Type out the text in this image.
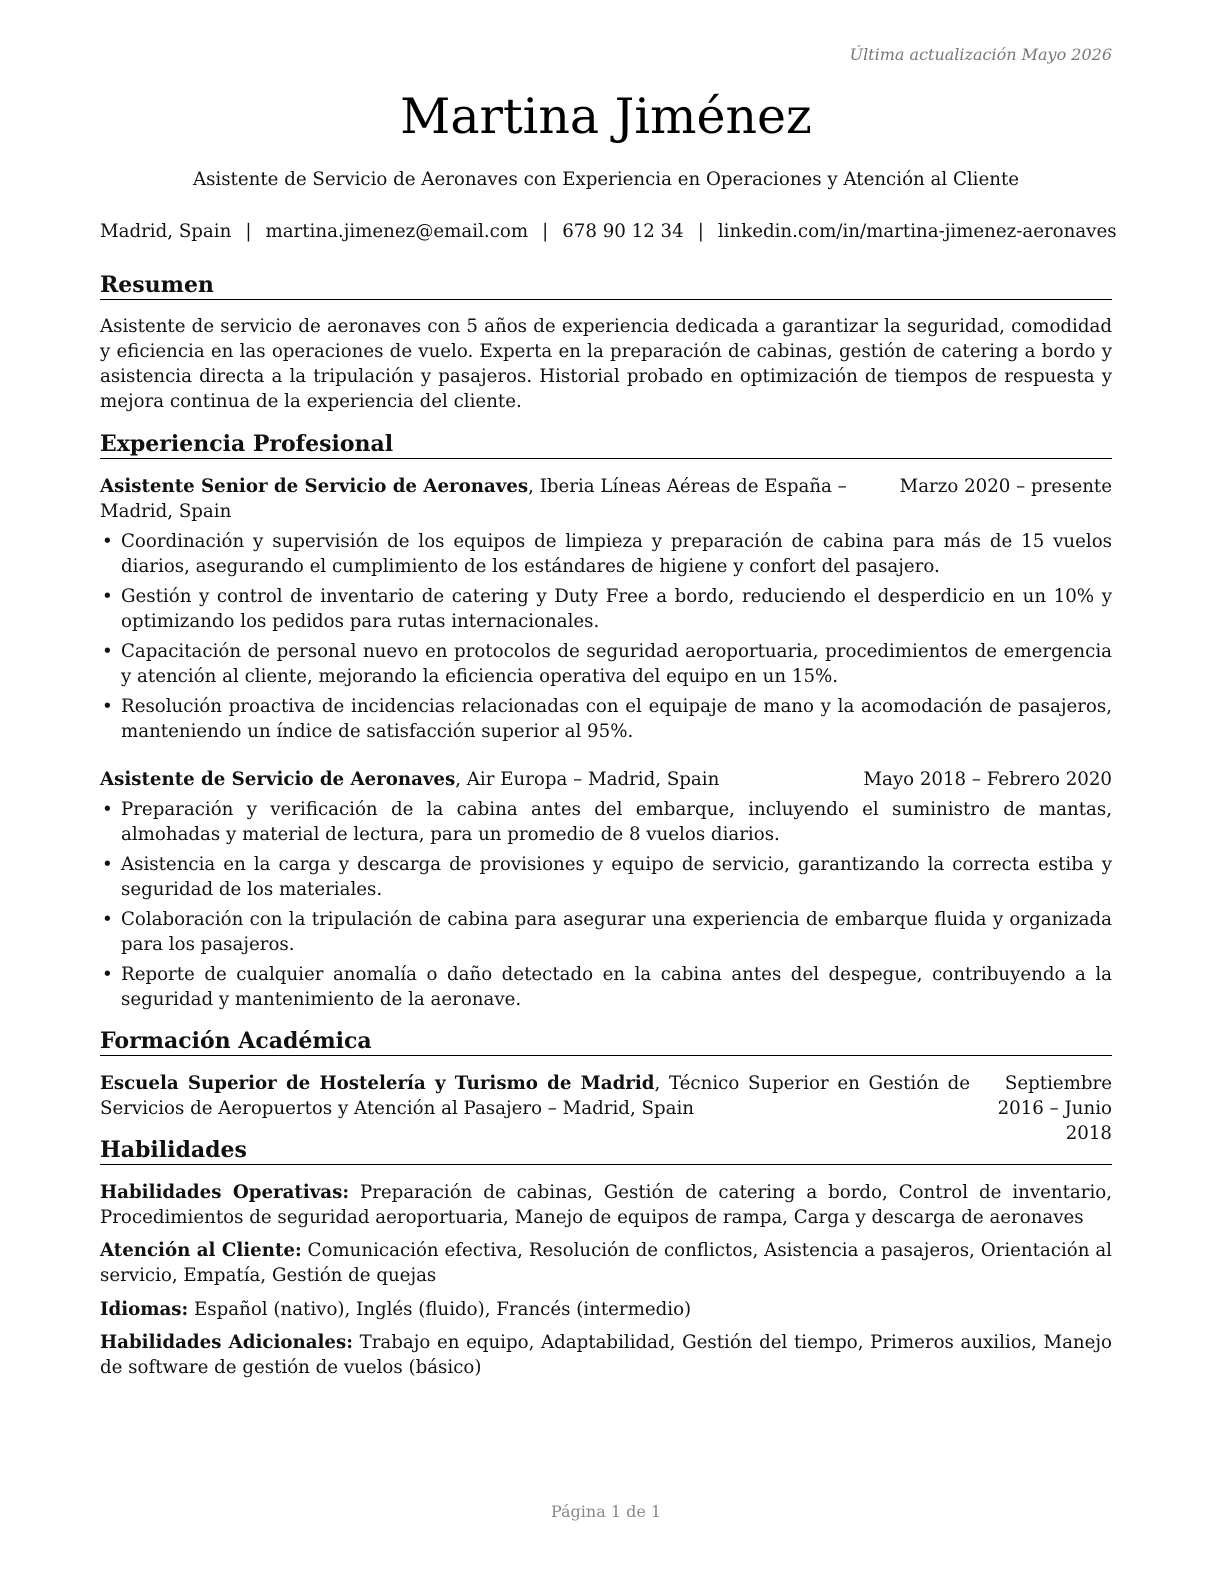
Última actualización Mayo 2026

Martina Jiménez

Asistente de Servicio de Aeronaves con Experiencia en Operaciones y Atención al Cliente

Madrid, Spain | martina.jimenez@email.com | 678 90 12 34 | linkedin.com/in/martina-jimenez-aeronaves

Resumen

Asistente de servicio de aeronaves con 5 años de experiencia dedicada a garantizar la seguridad, comodidad y eficiencia en las operaciones de vuelo. Experta en la preparación de cabinas, gestión de catering a bordo y asistencia directa a la tripulación y pasajeros. Historial probado en optimización de tiempos de respuesta y mejora continua de la experiencia del cliente.

Experiencia Profesional

Marzo 2020 – presente

Asistente Senior de Servicio de Aeronaves, Iberia Líneas Aéreas de España – Madrid, Spain

• Coordinación y supervisión de los equipos de limpieza y preparación de cabina para más de 15 vuelos diarios, asegurando el cumplimiento de los estándares de higiene y confort del pasajero.
• Gestión y control de inventario de catering y Duty Free a bordo, reduciendo el desperdicio en un 10% y optimizando los pedidos para rutas internacionales.
• Capacitación de personal nuevo en protocolos de seguridad aeroportuaria, procedimientos de emergencia y atención al cliente, mejorando la eficiencia operativa del equipo en un 15%.
• Resolución proactiva de incidencias relacionadas con el equipaje de mano y la acomodación de pasajeros, manteniendo un índice de satisfacción superior al 95%.

Mayo 2018 – Febrero 2020

Asistente de Servicio de Aeronaves, Air Europa – Madrid, Spain

• Preparación y verificación de la cabina antes del embarque, incluyendo el suministro de mantas, almohadas y material de lectura, para un promedio de 8 vuelos diarios.
• Asistencia en la carga y descarga de provisiones y equipo de servicio, garantizando la correcta estiba y seguridad de los materiales.
• Colaboración con la tripulación de cabina para asegurar una experiencia de embarque fluida y organizada para los pasajeros.
• Reporte de cualquier anomalía o daño detectado en la cabina antes del despegue, contribuyendo a la seguridad y mantenimiento de la aeronave.
Formación Académica

Septiembre 2016 – Junio 2018

Escuela Superior de Hostelería y Turismo de Madrid, Técnico Superior en Gestión de Servicios de Aeropuertos y Atención al Pasajero – Madrid, Spain

Habilidades

Habilidades Operativas: Preparación de cabinas, Gestión de catering a bordo, Control de inventario, Procedimientos de seguridad aeroportuaria, Manejo de equipos de rampa, Carga y descarga de aeronaves

Atención al Cliente: Comunicación efectiva, Resolución de conflictos, Asistencia a pasajeros, Orientación al servicio, Empatía, Gestión de quejas

Idiomas: Español (nativo), Inglés (fluido), Francés (intermedio)

Habilidades Adicionales: Trabajo en equipo, Adaptabilidad, Gestión del tiempo, Primeros auxilios, Manejo de software de gestión de vuelos (básico)

Página 1 de 1
